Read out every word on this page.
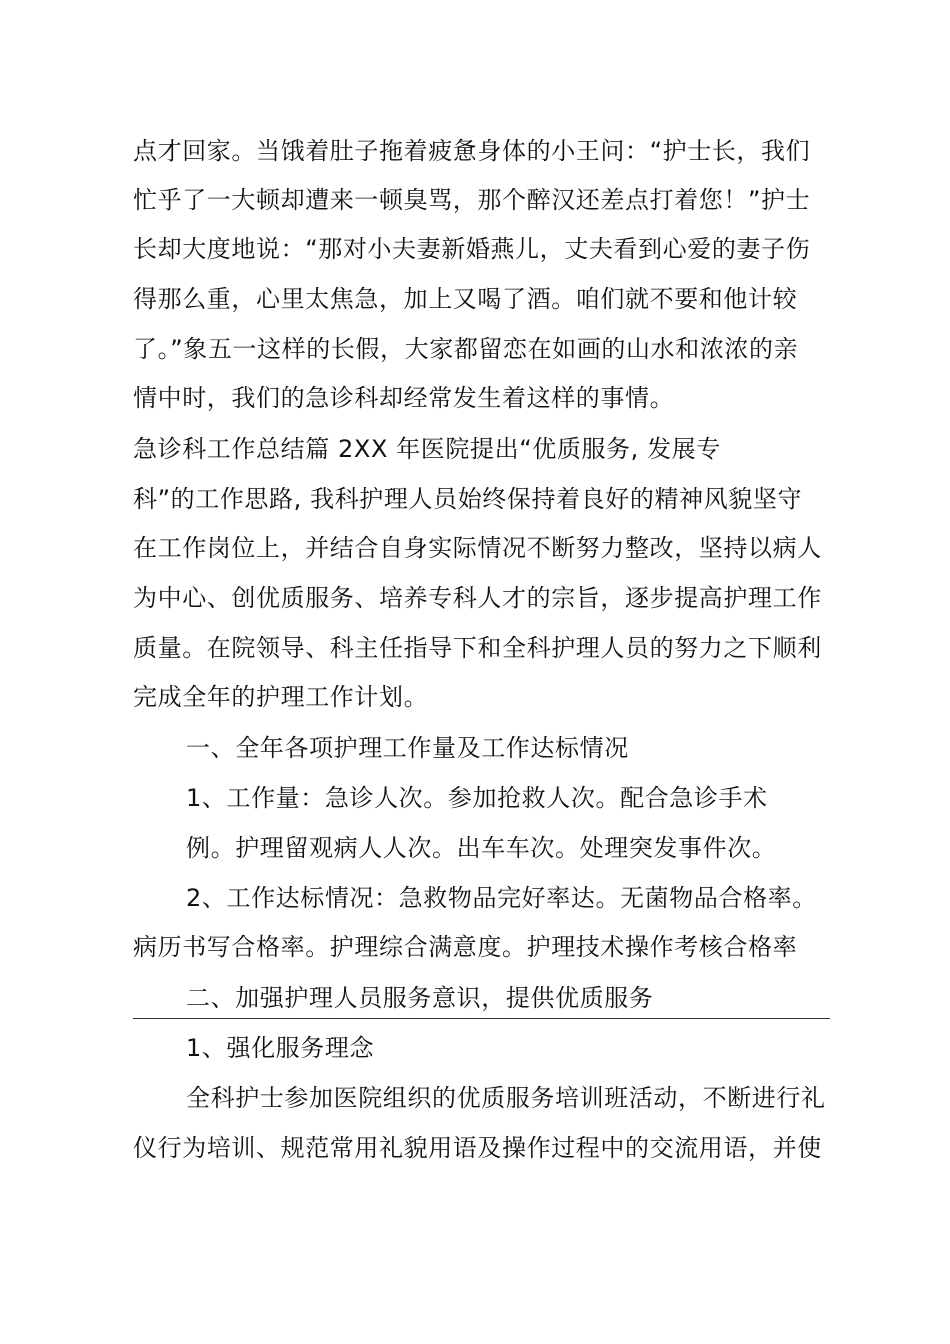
点才回家。当饿着肚子拖着疲惫身体的小王问：“护士长，我们
忙乎了一大顿却遭来一顿臭骂，那个醉汉还差点打着您！”护士
长却大度地说：“那对小夫妻新婚燕儿，丈夫看到心爱的妻子伤
得那么重，心里太焦急，加上又喝了酒。咱们就不要和他计较
了。”象五一这样的长假，大家都留恋在如画的山水和浓浓的亲
情中时，我们的急诊科却经常发生着这样的事情。
急诊科工作总结篇 2XX 年医院提出“优质服务, 发展专
科”的工作思路, 我科护理人员始终保持着良好的精神风貌坚守
在工作岗位上，并结合自身实际情况不断努力整改，坚持以病人
为中心、创优质服务、培养专科人才的宗旨，逐步提高护理工作
质量。在院领导、科主任指导下和全科护理人员的努力之下顺利
完成全年的护理工作计划。
一、全年各项护理工作量及工作达标情况
1、工作量：急诊人次。参加抢救人次。配合急诊手术
例。护理留观病人人次。出车车次。处理突发事件次。
2、工作达标情况：急救物品完好率达。无菌物品合格率。
病历书写合格率。护理综合满意度。护理技术操作考核合格率
二、加强护理人员服务意识，提供优质服务
1、强化服务理念
全科护士参加医院组织的优质服务培训班活动，不断进行礼
仪行为培训、规范常用礼貌用语及操作过程中的交流用语，并使
